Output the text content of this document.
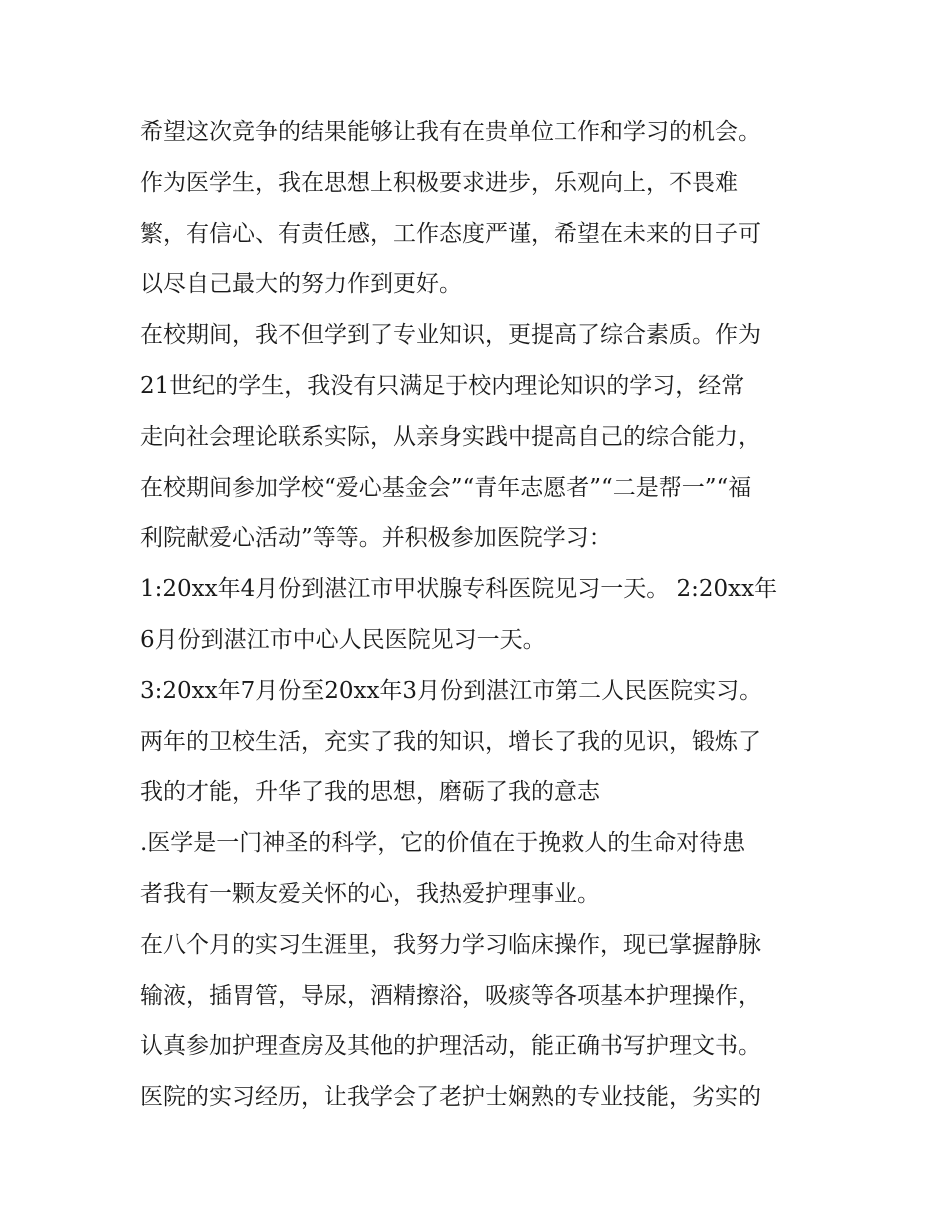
希望这次竞争的结果能够让我有在贵单位工作和学习的机会。
作为医学生，我在思想上积极要求进步，乐观向上，不畏难
繁，有信心、有责任感，工作态度严谨，希望在未来的日子可
以尽自己最大的努力作到更好。
在校期间，我不但学到了专业知识，更提高了综合素质。作为
21世纪的学生，我没有只满足于校内理论知识的学习，经常
走向社会理论联系实际，从亲身实践中提高自己的综合能力，
在校期间参加学校“爱心基金会”“青年志愿者”“二是帮一”“福
利院献爱心活动”等等。并积极参加医院学习：
1:20xx年4月份到湛江市甲状腺专科医院见习一天。 2:20xx年
6月份到湛江市中心人民医院见习一天。
3:20xx年7月份至20xx年3月份到湛江市第二人民医院实习。
两年的卫校生活，充实了我的知识，增长了我的见识，锻炼了
我的才能，升华了我的思想，磨砺了我的意志
.医学是一门神圣的科学，它的价值在于挽救人的生命对待患
者我有一颗友爱关怀的心，我热爱护理事业。
在八个月的实习生涯里，我努力学习临床操作，现已掌握静脉
输液，插胃管，导尿，酒精擦浴，吸痰等各项基本护理操作，
认真参加护理查房及其他的护理活动，能正确书写护理文书。
医院的实习经历，让我学会了老护士娴熟的专业技能，劣实的
